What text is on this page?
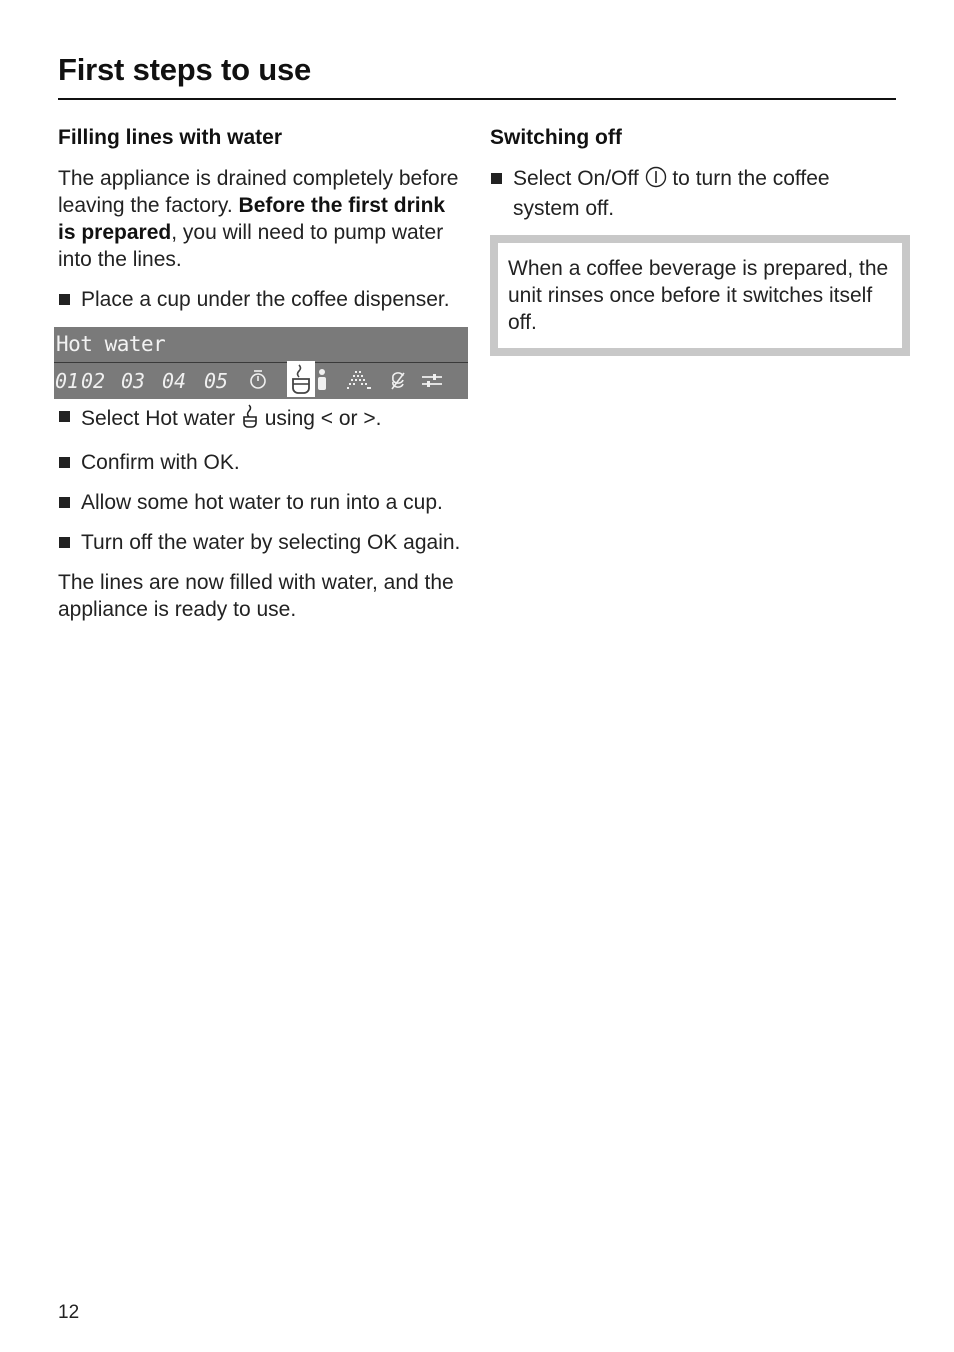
First steps to use
Filling lines with water

The appliance is drained completely before leaving the factory. Before the first drink is prepared, you will need to pump water into the lines.

Place a cup under the coffee dispenser.
Hot water
01 02 03 04 05
Select Hot water  using < or >.
Confirm with OK.
Allow some hot water to run into a cup.
Turn off the water by selecting OK again.

The lines are now filled with water, and the appliance is ready to use.

Switching off
Select On/Off  to turn the coffee system off.

When a coffee beverage is prepared, the unit rinses once before it switches itself off.

12
